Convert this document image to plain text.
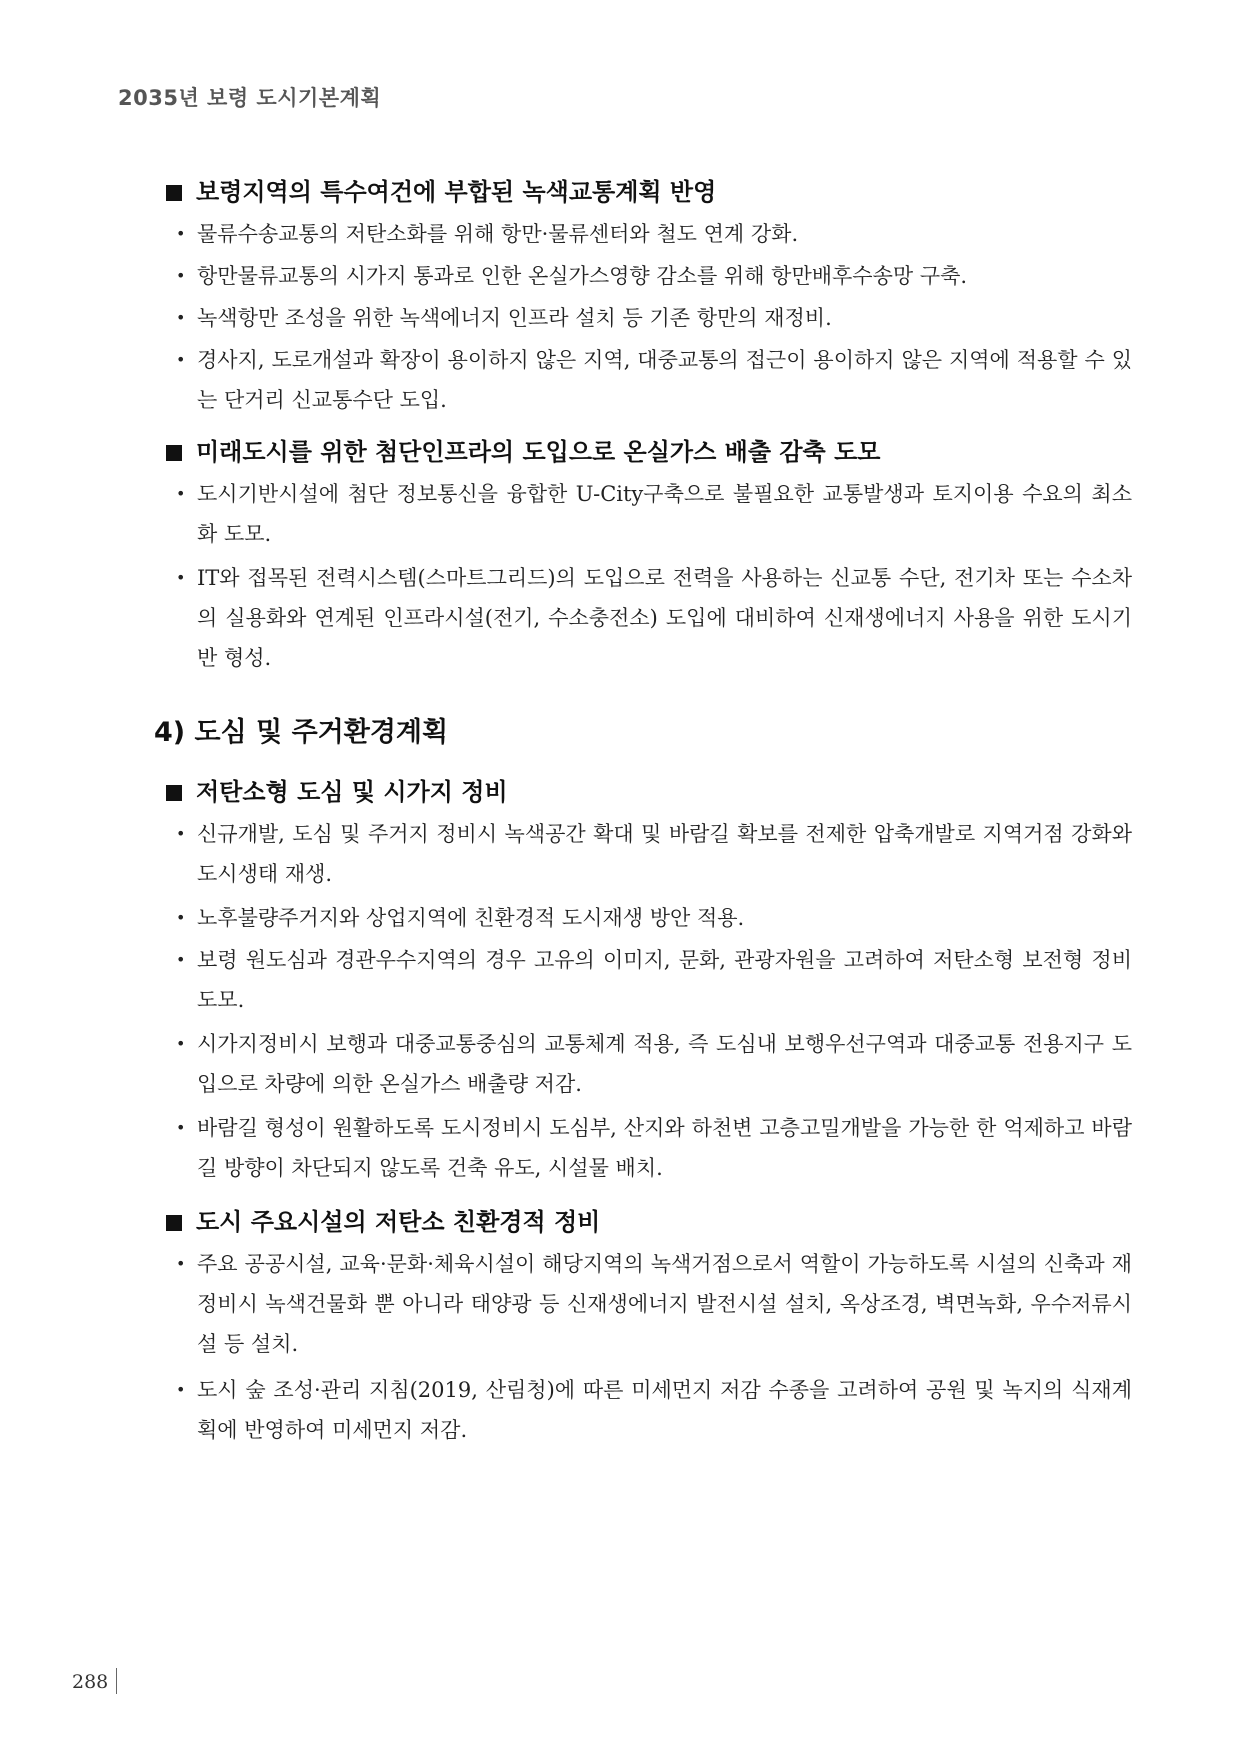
2035년 보령 도시기본계획
보령지역의 특수여건에 부합된 녹색교통계획 반영
• 물류수송교통의 저탄소화를 위해 항만·물류센터와 철도 연계 강화.
• 항만물류교통의 시가지 통과로 인한 온실가스영향 감소를 위해 항만배후수송망 구축.
• 녹색항만 조성을 위한 녹색에너지 인프라 설치 등 기존 항만의 재정비.
• 경사지, 도로개설과 확장이 용이하지 않은 지역, 대중교통의 접근이 용이하지 않은 지역에 적용할 수 있는 단거리 신교통수단 도입.
미래도시를 위한 첨단인프라의 도입으로 온실가스 배출 감축 도모
• 도시기반시설에 첨단 정보통신을 융합한 U-City구축으로 불필요한 교통발생과 토지이용 수요의 최소화 도모.
• IT와 접목된 전력시스템(스마트그리드)의 도입으로 전력을 사용하는 신교통 수단, 전기차 또는 수소차의 실용화와 연계된 인프라시설(전기, 수소충전소) 도입에 대비하여 신재생에너지 사용을 위한 도시기반 형성.
4) 도심 및 주거환경계획
저탄소형 도심 및 시가지 정비
• 신규개발, 도심 및 주거지 정비시 녹색공간 확대 및 바람길 확보를 전제한 압축개발로 지역거점 강화와 도시생태 재생.
• 노후불량주거지와 상업지역에 친환경적 도시재생 방안 적용.
• 보령 원도심과 경관우수지역의 경우 고유의 이미지, 문화, 관광자원을 고려하여 저탄소형 보전형 정비 도모.
• 시가지정비시 보행과 대중교통중심의 교통체계 적용, 즉 도심내 보행우선구역과 대중교통 전용지구 도입으로 차량에 의한 온실가스 배출량 저감.
• 바람길 형성이 원활하도록 도시정비시 도심부, 산지와 하천변 고층고밀개발을 가능한 한 억제하고 바람길 방향이 차단되지 않도록 건축 유도, 시설물 배치.
도시 주요시설의 저탄소 친환경적 정비
• 주요 공공시설, 교육·문화·체육시설이 해당지역의 녹색거점으로서 역할이 가능하도록 시설의 신축과 재정비시 녹색건물화 뿐 아니라 태양광 등 신재생에너지 발전시설 설치, 옥상조경, 벽면녹화, 우수저류시설 등 설치.
• 도시 숲 조성·관리 지침(2019, 산림청)에 따른 미세먼지 저감 수종을 고려하여 공원 및 녹지의 식재계획에 반영하여 미세먼지 저감.
288
